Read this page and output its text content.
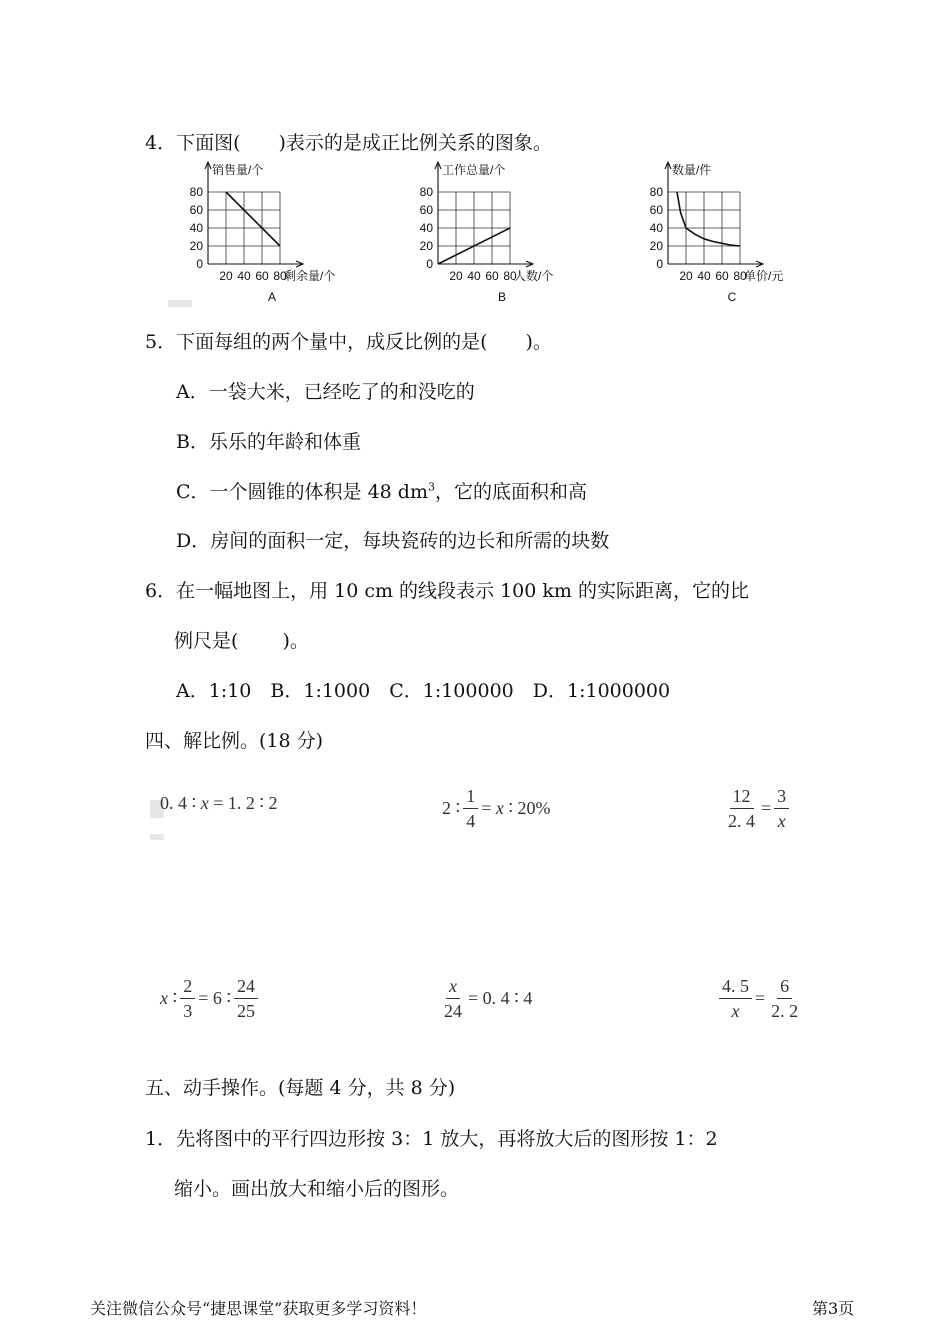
4．下面图(　　)表示的是成正比例关系的图象。
0
20
40
60
80
20 40 60 80
销售量/个
剩余量/个
A
0
20
40
60
80
20 40 60 80
工作总量/个
人数/个
B
0
20
40
60
80
20 40 60 80
数量/件
单价/元
C
5．下面每组的两个量中，成反比例的是(　　)。
A．一袋大米，已经吃了的和没吃的
B．乐乐的年龄和体重
C．一个圆锥的体积是 48 $dm^3$，它的底面积和高
D．房间的面积一定，每块瓷砖的边长和所需的块数
6．在一幅地图上，用 10 cm 的线段表示 100 km 的实际距离，它的比
例尺是(　　 )。
A．1:10　B．1:1000　C．1:100000　D．1:1000000
四、解比例。(18 分)
0. 4 ∶
x
= 1. 2 ∶ 2	2 ∶ $\frac{1}{4}$ =
x
∶ 20%	$\frac{12}{2. 4} = \frac{3}{x}$
x
∶ $\frac{2}{3} = 6$ ∶ $\frac{24}{25}$	$\frac{x}{24} = 0$. 4 ∶ 4	$\frac{4. 5}{x} = \frac{6}{2. 2}$
五、动手操作。(每题 4 分，共 8 分)
1．先将图中的平行四边形按 3：1 放大，再将放大后的图形按 1：2
缩小。画出放大和缩小后的图形。
关注微信公众号“捷思课堂”获取更多学习资料！	第3页
